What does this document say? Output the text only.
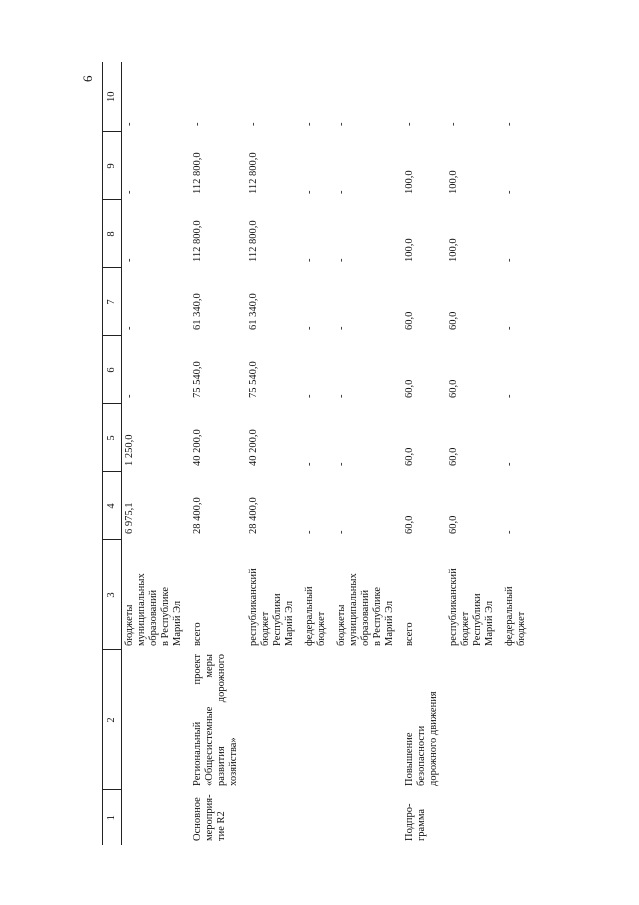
6

1	2	3	4	5	6	7	8	9	10
		бюджеты
муниципальных
образований
в Республике
Марий Эл	6 975,1	1 250,0	-	-	-	-	-
Основное
мероприя-
тие R2	Региональный проект «Общесистемные меры развития дорожного хозяйства»	всего	28 400,0	40 200,0	75 540,0	61 340,0	112 800,0	112 800,0	-
		республиканский
бюджет
Республики
Марий Эл	28 400,0	40 200,0	75 540,0	61 340,0	112 800,0	112 800,0	-
		федеральный
бюджет	-	-	-	-	-	-	-
		бюджеты
муниципальных
образований
в Республике
Марий Эл	-	-	-	-	-	-	-
Подпро-
грамма	Повышение
безопасности
дорожного движения	всего	60,0	60,0	60,0	60,0	100,0	100,0	-
		республиканский
бюджет
Республики
Марий Эл	60,0	60,0	60,0	60,0	100,0	100,0	-
		федеральный
бюджет	-	-	-	-	-	-	-
